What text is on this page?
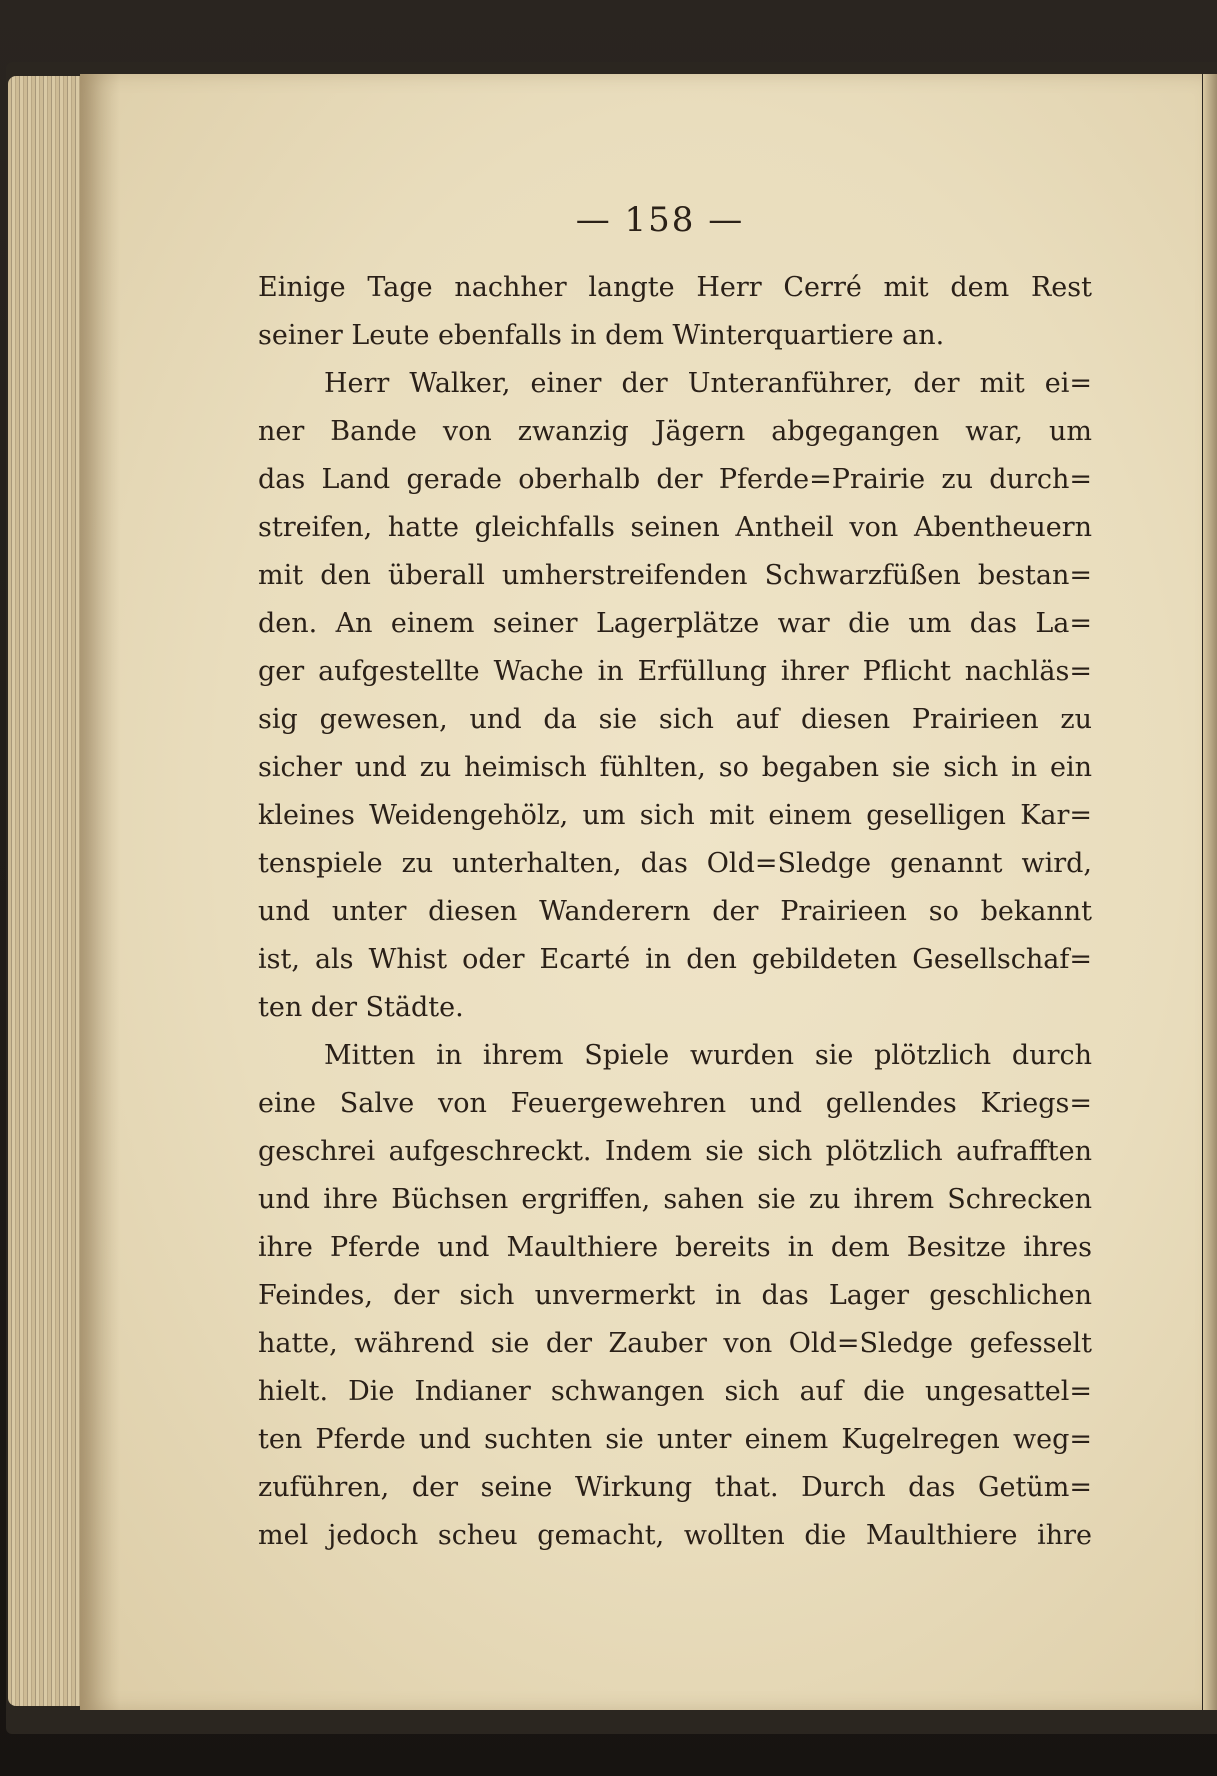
— 158 —
Einige Tage nachher langte Herr Cerré mit dem Rest
seiner Leute ebenfalls in dem Winterquartiere an.
Herr Walker, einer der Unteranführer, der mit ei=
ner Bande von zwanzig Jägern abgegangen war, um
das Land gerade oberhalb der Pferde=Prairie zu durch=
streifen, hatte gleichfalls seinen Antheil von Abentheuern
mit den überall umherstreifenden Schwarzfüßen bestan=
den. An einem seiner Lagerplätze war die um das La=
ger aufgestellte Wache in Erfüllung ihrer Pflicht nachläs=
sig gewesen, und da sie sich auf diesen Prairieen zu
sicher und zu heimisch fühlten, so begaben sie sich in ein
kleines Weidengehölz, um sich mit einem geselligen Kar=
tenspiele zu unterhalten, das Old=Sledge genannt wird,
und unter diesen Wanderern der Prairieen so bekannt
ist, als Whist oder Ecarté in den gebildeten Gesellschaf=
ten der Städte.
Mitten in ihrem Spiele wurden sie plötzlich durch
eine Salve von Feuergewehren und gellendes Kriegs=
geschrei aufgeschreckt. Indem sie sich plötzlich aufrafften
und ihre Büchsen ergriffen, sahen sie zu ihrem Schrecken
ihre Pferde und Maulthiere bereits in dem Besitze ihres
Feindes, der sich unvermerkt in das Lager geschlichen
hatte, während sie der Zauber von Old=Sledge gefesselt
hielt. Die Indianer schwangen sich auf die ungesattel=
ten Pferde und suchten sie unter einem Kugelregen weg=
zuführen, der seine Wirkung that. Durch das Getüm=
mel jedoch scheu gemacht, wollten die Maulthiere ihre
